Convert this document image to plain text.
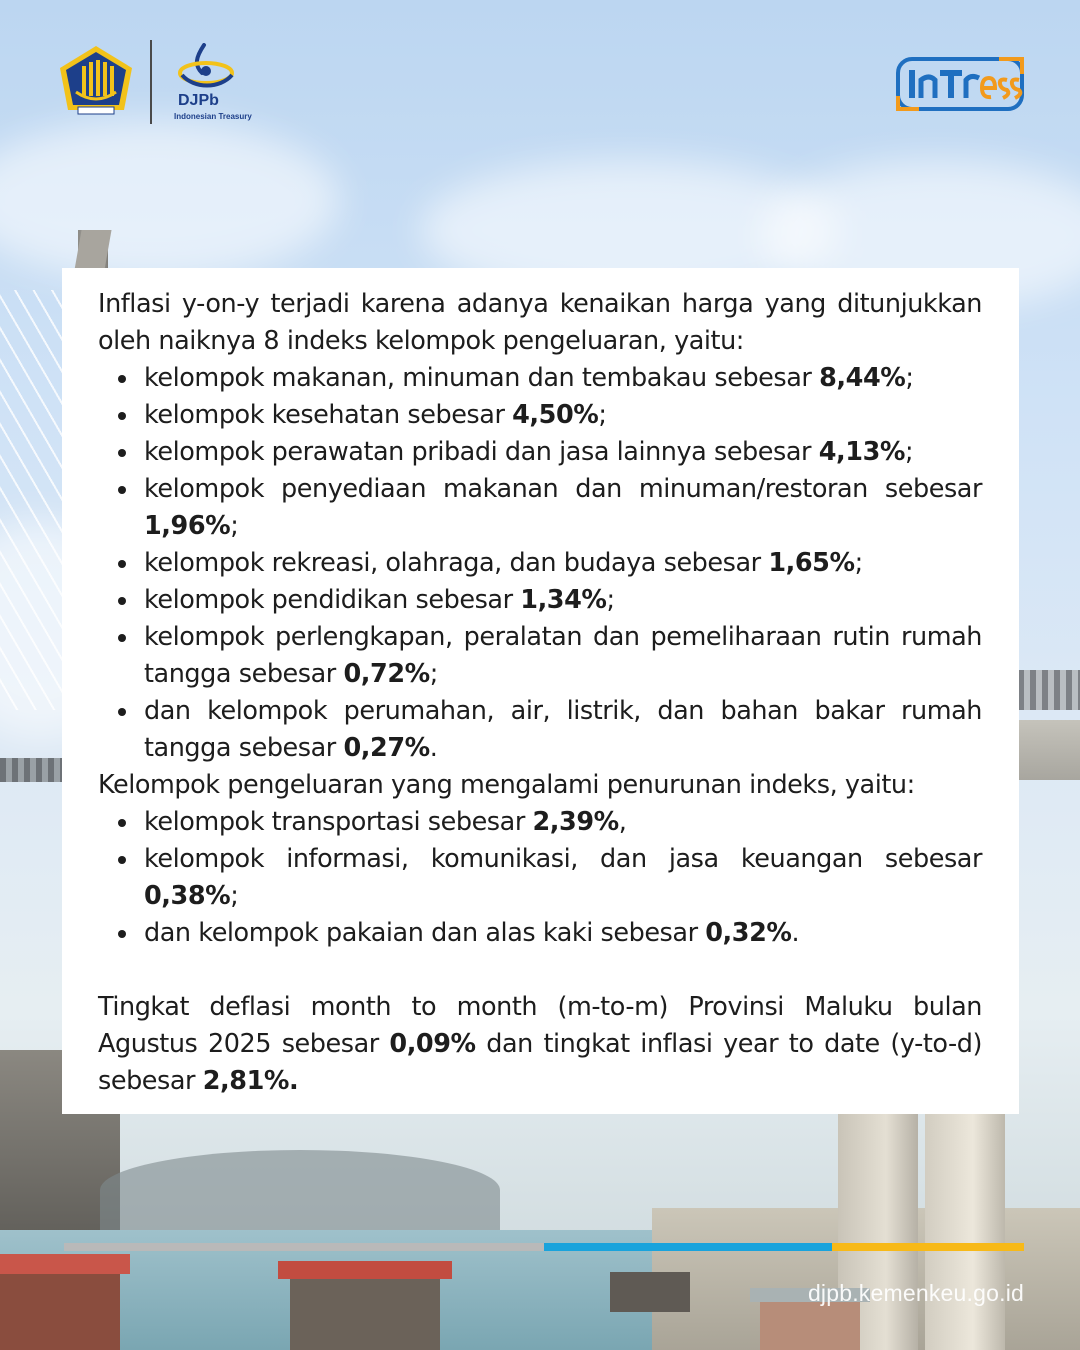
DJPb
Indonesian Treasury

Inflasi y-on-y terjadi karena adanya kenaikan harga yang ditunjukkan oleh naiknya 8 indeks kelompok pengeluaran, yaitu:

kelompok makanan, minuman dan tembakau sebesar 8,44%;
kelompok kesehatan sebesar 4,50%;
kelompok perawatan pribadi dan jasa lainnya sebesar 4,13%;
kelompok penyediaan makanan dan minuman/restoran sebesar 1,96%;
kelompok rekreasi, olahraga, dan budaya sebesar 1,65%;
kelompok pendidikan sebesar 1,34%;
kelompok perlengkapan, peralatan dan pemeliharaan rutin rumah tangga sebesar 0,72%;
dan kelompok perumahan, air, listrik, dan bahan bakar rumah tangga sebesar 0,27%.

Kelompok pengeluaran yang mengalami penurunan indeks, yaitu:

kelompok transportasi sebesar 2,39%,
kelompok informasi, komunikasi, dan jasa keuangan sebesar 0,38%;
dan kelompok pakaian dan alas kaki sebesar 0,32%.

Tingkat deflasi month to month (m-to-m) Provinsi Maluku bulan Agustus 2025 sebesar 0,09% dan tingkat inflasi year to date (y-to-d) sebesar 2,81%.

djpb.kemenkeu.go.id
